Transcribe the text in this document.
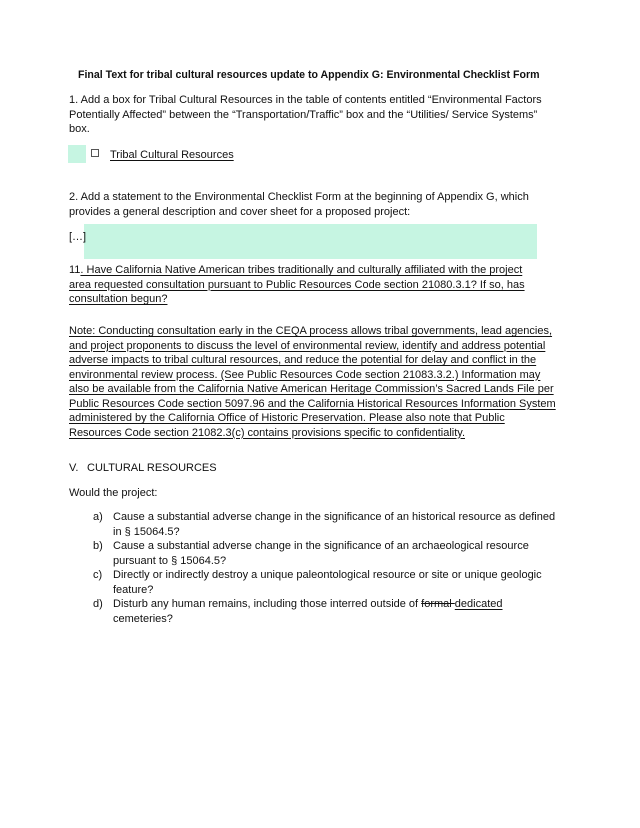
Final Text for tribal cultural resources update to Appendix G: Environmental Checklist Form
1. Add a box for Tribal Cultural Resources in the table of contents entitled “Environmental Factors Potentially Affected” between the “Transportation/Traffic” box and the “Utilities/ Service Systems” box.
Tribal Cultural Resources
2. Add a statement to the Environmental Checklist Form at the beginning of Appendix G, which provides a general description and cover sheet for a proposed project:
[…]
11. Have California Native American tribes traditionally and culturally affiliated with the project area requested consultation pursuant to Public Resources Code section 21080.3.1? If so, has consultation begun?
Note: Conducting consultation early in the CEQA process allows tribal governments, lead agencies, and project proponents to discuss the level of environmental review, identify and address potential adverse impacts to tribal cultural resources, and reduce the potential for delay and conflict in the environmental review process. (See Public Resources Code section 21083.3.2.) Information may also be available from the California Native American Heritage Commission’s Sacred Lands File per Public Resources Code section 5097.96 and the California Historical Resources Information System administered by the California Office of Historic Preservation. Please also note that Public Resources Code section 21082.3(c) contains provisions specific to confidentiality.
V. CULTURAL RESOURCES
Would the project:
a) Cause a substantial adverse change in the significance of an historical resource as defined in § 15064.5?
b) Cause a substantial adverse change in the significance of an archaeological resource pursuant to § 15064.5?
c) Directly or indirectly destroy a unique paleontological resource or site or unique geologic feature?
d) Disturb any human remains, including those interred outside of formal dedicated cemeteries?
